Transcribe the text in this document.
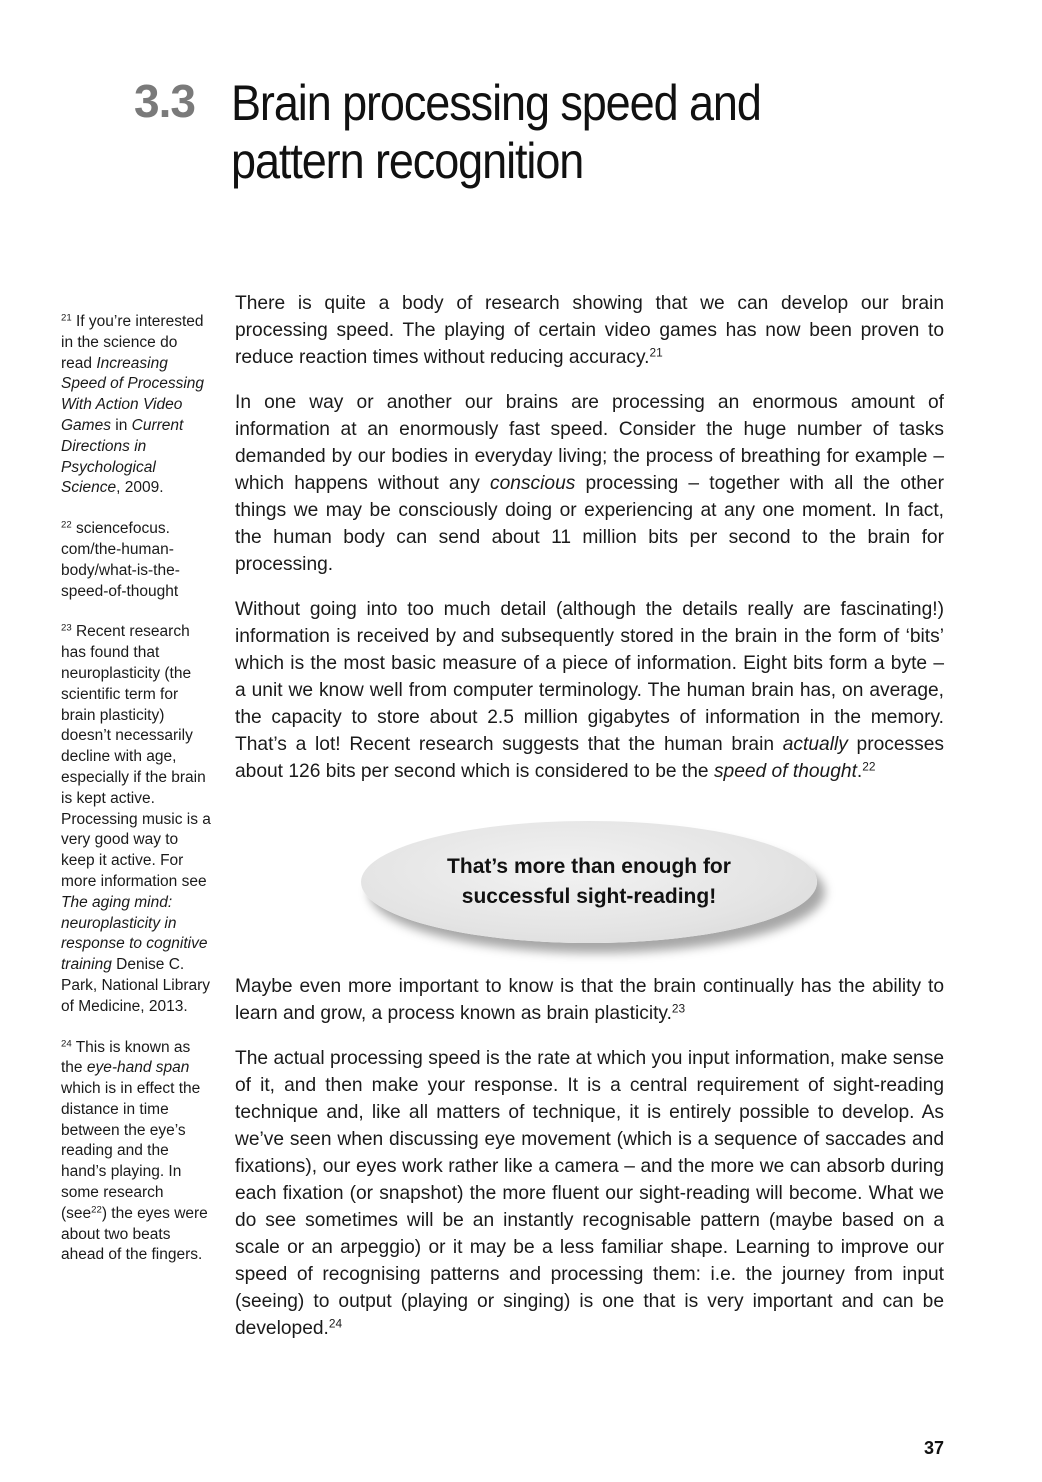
3.3 Brain processing speed and pattern recognition
$^{21}$ If you’re interested in the science do read Increasing Speed of Processing With Action Video Games in Current Directions in Psychological Science, 2009.
$^{22}$ sciencefocus. com/the-human-body/what-is-the-speed-of-thought
$^{23}$ Recent research has found that neuroplasticity (the scientific term for brain plasticity) doesn’t necessarily decline with age, especially if the brain is kept active. Processing music is a very good way to keep it active. For more information see The aging mind: neuroplasticity in response to cognitive training Denise C. Park, National Library of Medicine, 2013.
$^{24}$ This is known as the eye-hand span which is in effect the distance in time between the eye’s reading and the hand’s playing. In some research (see$^{22}$) the eyes were about two beats ahead of the fingers.

There is quite a body of research showing that we can develop our brain processing speed. The playing of certain video games has now been proven to reduce reaction times without reducing accuracy.$^{21}$

In one way or another our brains are processing an enormous amount of information at an enormously fast speed. Consider the huge number of tasks demanded by our bodies in everyday living; the process of breathing for example – which happens without any conscious processing – together with all the other things we may be consciously doing or experiencing at any one moment. In fact, the human body can send about 11 million bits per second to the brain for processing.

Without going into too much detail (although the details really are fascinating!) information is received by and subsequently stored in the brain in the form of ‘bits’ which is the most basic measure of a piece of information. Eight bits form a byte – a unit we know well from computer terminology. The human brain has, on average, the capacity to store about 2.5 million gigabytes of information in the memory. That’s a lot! Recent research suggests that the human brain actually processes about 126 bits per second which is considered to be the speed of thought.$^{22}$

That’s more than enough for successful sight-reading!

Maybe even more important to know is that the brain continually has the ability to learn and grow, a process known as brain plasticity.$^{23}$

The actual processing speed is the rate at which you input information, make sense of it, and then make your response. It is a central requirement of sight-reading technique and, like all matters of technique, it is entirely possible to develop. As we’ve seen when discussing eye movement (which is a sequence of saccades and fixations), our eyes work rather like a camera – and the more we can absorb during each fixation (or snapshot) the more fluent our sight-reading will become. What we do see sometimes will be an instantly recognisable pattern (maybe based on a scale or an arpeggio) or it may be a less familiar shape. Learning to improve our speed of recognising patterns and processing them: i.e. the journey from input (seeing) to output (playing or singing) is one that is very important and can be developed.$^{24}$

37
